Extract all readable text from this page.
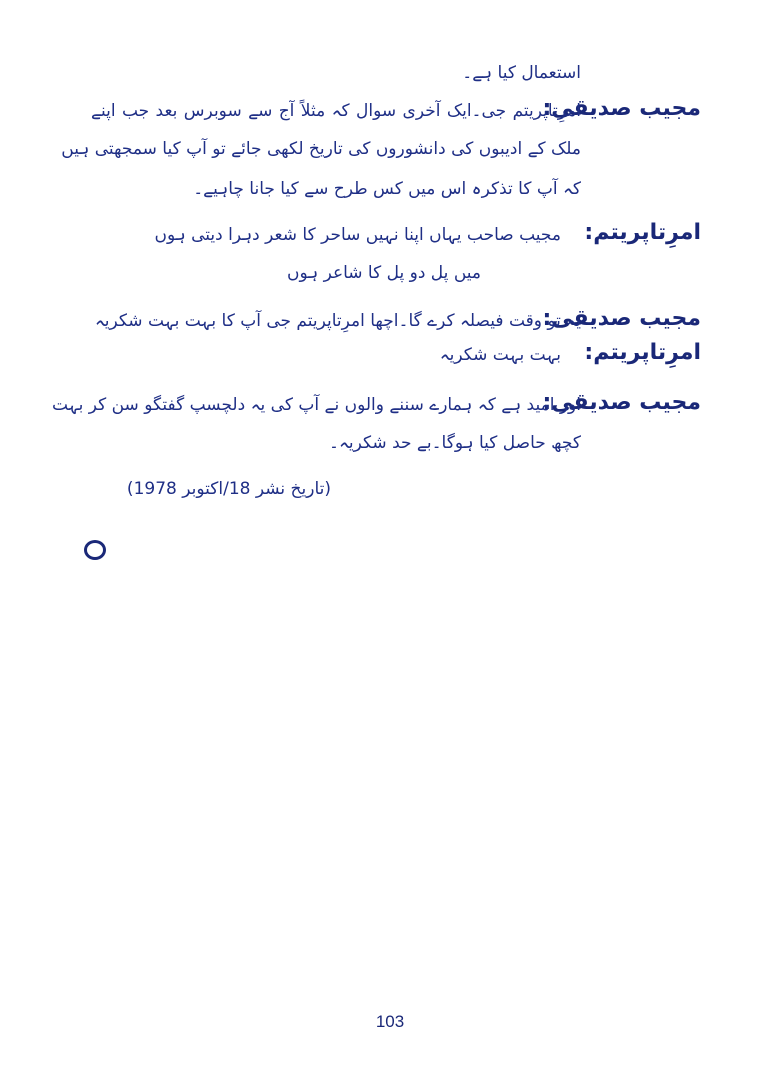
استعمال کیا ہے۔
مجیب صدیقی:
امرِتاپریتم جی۔ایک آخری سوال کہ مثلاً آج سے سوبرس بعد جب اپنے
ملک کے ادیبوں کی دانشوروں کی تاریخ لکھی جائے تو آپ کیا سمجھتی ہیں
کہ آپ کا تذکرہ اس میں کس طرح سے کیا جانا چاہیے۔
امرِتاپریتم:
مجیب صاحب یہاں اپنا نہیں ساحر کا شعر دہرا دیتی ہوں
میں پل دو پل کا شاعر ہوں
مجیب صدیقی:
یہ تو وقت فیصلہ کرے گا۔اچھا امرِتاپریتم جی آپ کا بہت بہت شکریہ
امرِتاپریتم:
بہت بہت شکریہ
مجیب صدیقی:
اور امید ہے کہ ہمارے سننے والوں نے آپ کی یہ دلچسپ گفتگو سن کر بہت
کچھ حاصل کیا ہوگا۔بے حد شکریہ۔
(تاریخ نشر 18/اکتوبر 1978)
103
